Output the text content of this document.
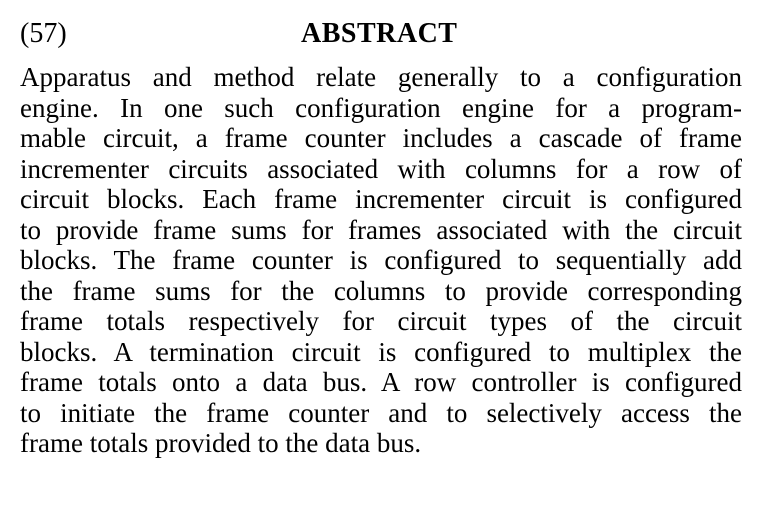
(57)	ABSTRACT
Apparatus and method relate generally to a configuration
engine. In one such configuration engine for a program-
mable circuit, a frame counter includes a cascade of frame
incrementer circuits associated with columns for a row of
circuit blocks. Each frame incrementer circuit is configured
to provide frame sums for frames associated with the circuit
blocks. The frame counter is configured to sequentially add
the frame sums for the columns to provide corresponding
frame totals respectively for circuit types of the circuit
blocks. A termination circuit is configured to multiplex the
frame totals onto a data bus. A row controller is configured
to initiate the frame counter and to selectively access the
frame totals provided to the data bus.
